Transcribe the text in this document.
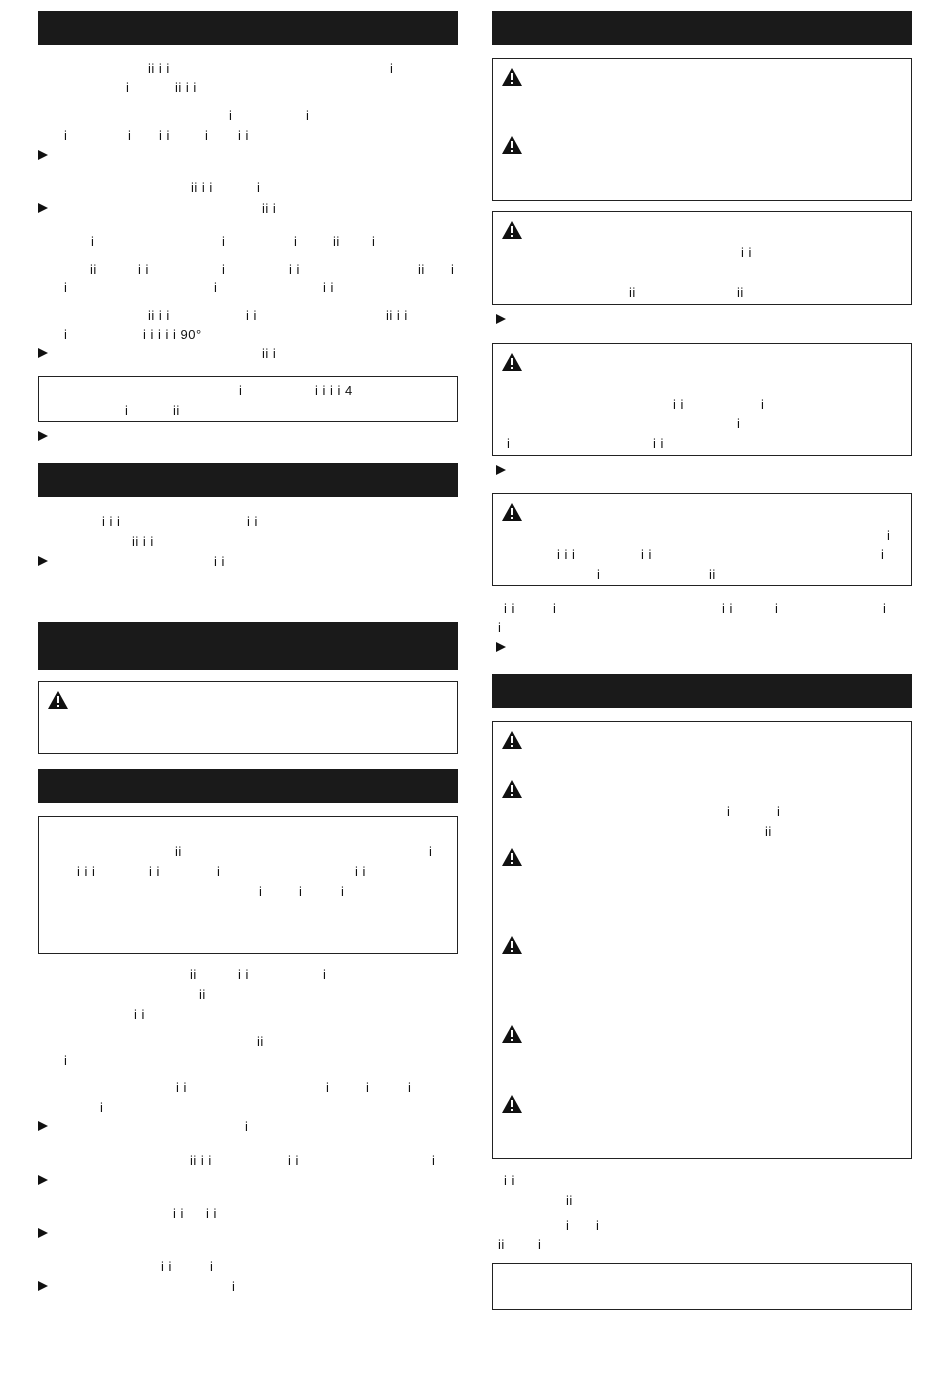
ii i i	i
i	ii i i
i	i
i	i i i	i i i
ii i i	i
ii i
i	i	i	ii i
ii	i i	i	i i	ii i
i	i	i i
ii i i	i i	ii i i
i	i i i i i 90°
ii i
i	i i i i 4
i	ii
i i i	i i
ii i i
i i
ii	i
i i i	i i	i	i i
i	i	i
ii	i i	i
ii
i i
ii
i
i i	i	i	i
i
i
ii i i	i i	i
i i i i
i i	i
i
i i
ii	ii
i i	i
i
i	i i
i
i i i	i i	i
i	ii
i i	i	i i	i	i
i
i	i
ii
i i
ii
i i
ii	i
